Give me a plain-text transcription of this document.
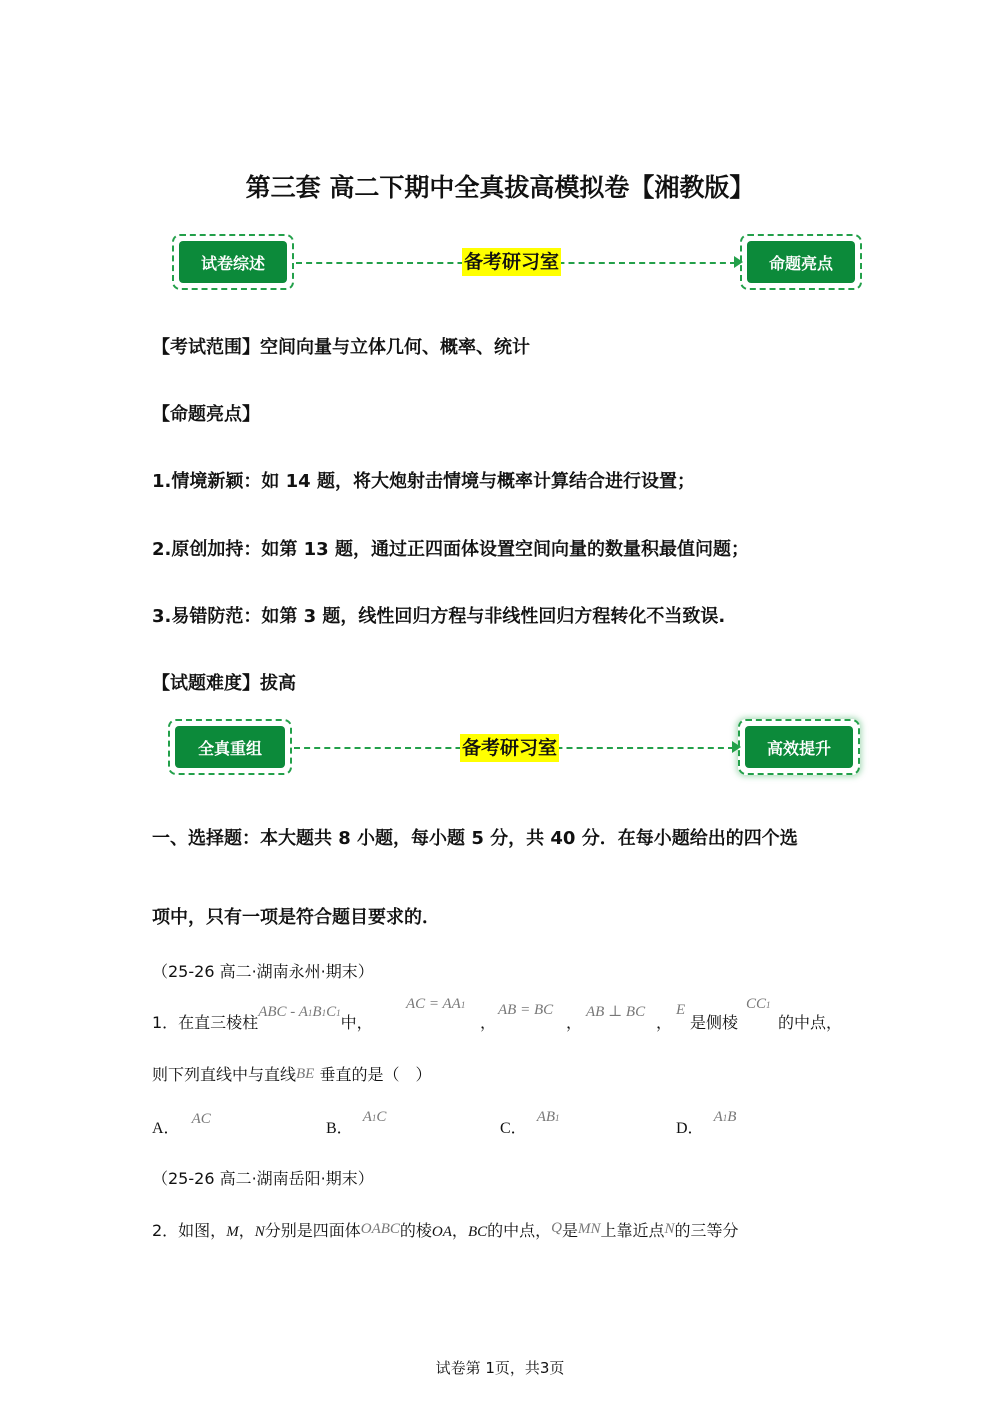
第三套 高二下期中全真拔高模拟卷【湘教版】
试卷综述	备考研习室	命题亮点
【考试范围】空间向量与立体几何、概率、统计
【命题亮点】
1.情境新颖：如 14 题，将大炮射击情境与概率计算结合进行设置；
2.原创加持：如第 13 题，通过正四面体设置空间向量的数量积最值问题；
3.易错防范：如第 3 题，线性回归方程与非线性回归方程转化不当致误.
【试题难度】拔高
全真重组	备考研习室	高效提升
一、选择题：本大题共 8 小题，每小题 5 分，共 40 分．在每小题给出的四个选
项中，只有一项是符合题目要求的．
（25-26 高二·湖南永州·期末）
1．在直三棱柱ABC - A1B1C1中，
AC = AA1
，
AB = BC
，
AB ⊥ BC
，
E
是侧棱
CC1
的中点，
则下列直线中与直线BE 垂直的是（　）
A．AC
B．A1C
C．AB1
D．A1B
（25-26 高二·湖南岳阳·期末）
2．如图，M，N分别是四面体OABC的棱OA，BC的中点，Q是MN上靠近点N的三等分
试卷第 1页，共3页
